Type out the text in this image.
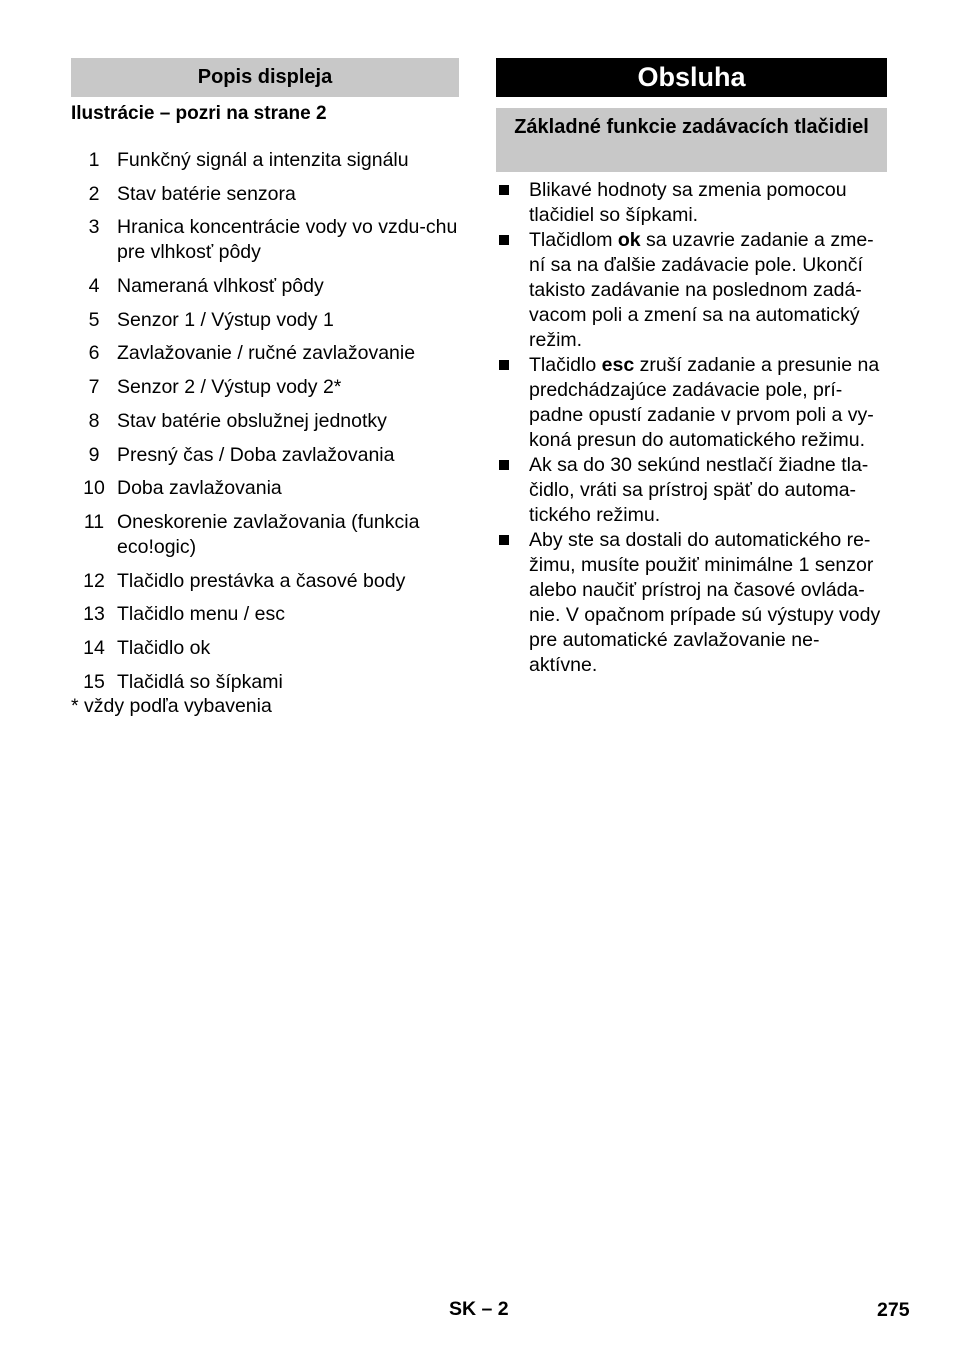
Popis displeja
Ilustrácie – pozri na strane 2
1 Funkčný signál a intenzita signálu
2 Stav batérie senzora
3 Hranica koncentrácie vody vo vzdu-chu pre vlhkosť pôdy
4 Nameraná vlhkosť pôdy
5 Senzor 1 / Výstup vody 1
6 Zavlažovanie / ručné zavlažovanie
7 Senzor 2 / Výstup vody 2*
8 Stav batérie obslužnej jednotky
9 Presný čas / Doba zavlažovania
10 Doba zavlažovania
11 Oneskorenie zavlažovania (funkcia eco!ogic)
12 Tlačidlo prestávka a časové body
13 Tlačidlo menu / esc
14 Tlačidlo ok
15 Tlačidlá so šípkami
* vždy podľa vybavenia
Obsluha
Základné funkcie zadávacích tlačidiel
Blikavé hodnoty sa zmenia pomocou tlačidiel so šípkami.
Tlačidlom ok sa uzavrie zadanie a zme-ní sa na ďalšie zadávacie pole. Ukončí takisto zadávanie na poslednom zadá-vacom poli a zmení sa na automatický režim.
Tlačidlo esc zruší zadanie a presunie na predchádzajúce zadávacie pole, prí-padne opustí zadanie v prvom poli a vy-koná presun do automatického režimu.
Ak sa do 30 sekúnd nestlačí žiadne tla-čidlo, vráti sa prístroj späť do automa-tického režimu.
Aby ste sa dostali do automatického re-žimu, musíte použiť minimálne 1 senzor alebo naučiť prístroj na časové ovláda-nie. V opačnom prípade sú výstupy vody pre automatické zavlažovanie ne-aktívne.
SK – 2	275
